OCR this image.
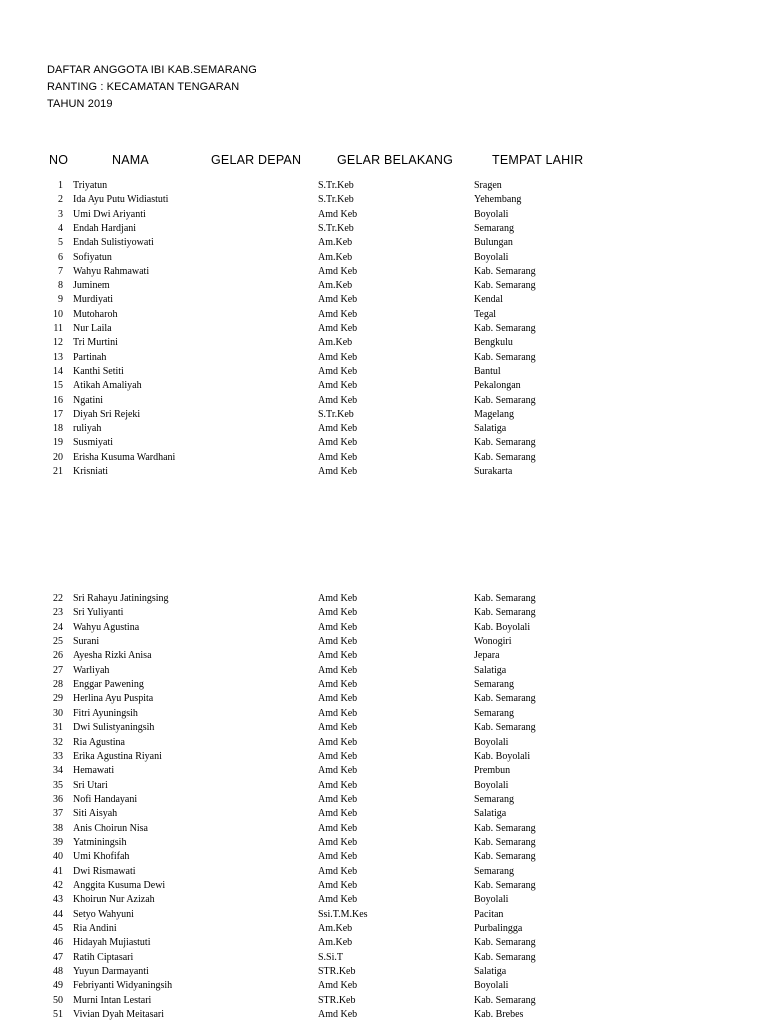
DAFTAR ANGGOTA IBI KAB.SEMARANG
RANTING : KECAMATAN TENGARAN
TAHUN 2019
NO	NAMA	GELAR DEPAN	GELAR BELAKANG	TEMPAT LAHIR
1 Triyatun	S.Tr.Keb	Sragen
2 Ida Ayu Putu Widiastuti	S.Tr.Keb	Yehembang
3 Umi Dwi Ariyanti	Amd Keb	Boyolali
4 Endah Hardjani	S.Tr.Keb	Semarang
5 Endah Sulistiyowati	Am.Keb	Bulungan
6 Sofiyatun	Am.Keb	Boyolali
7 Wahyu Rahmawati	Amd Keb	Kab. Semarang
8 Juminem	Am.Keb	Kab. Semarang
9 Murdiyati	Amd Keb	Kendal
10 Mutoharoh	Amd Keb	Tegal
11 Nur Laila	Amd Keb	Kab. Semarang
12 Tri Murtini	Am.Keb	Bengkulu
13 Partinah	Amd Keb	Kab. Semarang
14 Kanthi Setiti	Amd Keb	Bantul
15 Atikah Amaliyah	Amd Keb	Pekalongan
16 Ngatini	Amd Keb	Kab. Semarang
17 Diyah Sri Rejeki	S.Tr.Keb	Magelang
18 ruliyah	Amd Keb	Salatiga
19 Susmiyati	Amd Keb	Kab. Semarang
20 Erisha Kusuma Wardhani	Amd Keb	Kab. Semarang
21 Krisniati	Amd Keb	Surakarta
22 Sri Rahayu Jatiningsing	Amd Keb	Kab. Semarang
23 Sri Yuliyanti	Amd Keb	Kab. Semarang
24 Wahyu Agustina	Amd Keb	Kab. Boyolali
25 Surani	Amd Keb	Wonogiri
26 Ayesha Rizki Anisa	Amd Keb	Jepara
27 Warliyah	Amd Keb	Salatiga
28 Enggar Pawening	Amd Keb	Semarang
29 Herlina Ayu Puspita	Amd Keb	Kab. Semarang
30 Fitri Ayuningsih	Amd Keb	Semarang
31 Dwi Sulistyaningsih	Amd Keb	Kab. Semarang
32 Ria Agustina	Amd Keb	Boyolali
33 Erika Agustina Riyani	Amd Keb	Kab. Boyolali
34 Hemawati	Amd Keb	Prembun
35 Sri Utari	Amd Keb	Boyolali
36 Nofi Handayani	Amd Keb	Semarang
37 Siti Aisyah	Amd Keb	Salatiga
38 Anis Choirun Nisa	Amd Keb	Kab. Semarang
39 Yatminingsih	Amd Keb	Kab. Semarang
40 Umi Khofifah	Amd Keb	Kab. Semarang
41 Dwi Rismawati	Amd Keb	Semarang
42 Anggita Kusuma Dewi	Amd Keb	Kab. Semarang
43 Khoirun Nur Azizah	Amd Keb	Boyolali
44 Setyo Wahyuni	Ssi.T.M.Kes	Pacitan
45 Ria Andini	Am.Keb	Purbalingga
46 Hidayah Mujiastuti	Am.Keb	Kab. Semarang
47 Ratih Ciptasari	S.Si.T	Kab. Semarang
48 Yuyun Darmayanti	STR.Keb	Salatiga
49 Febriyanti Widyaningsih	Amd Keb	Boyolali
50 Murni Intan Lestari	STR.Keb	Kab. Semarang
51 Vivian Dyah Meitasari	Amd Keb	Kab. Brebes
